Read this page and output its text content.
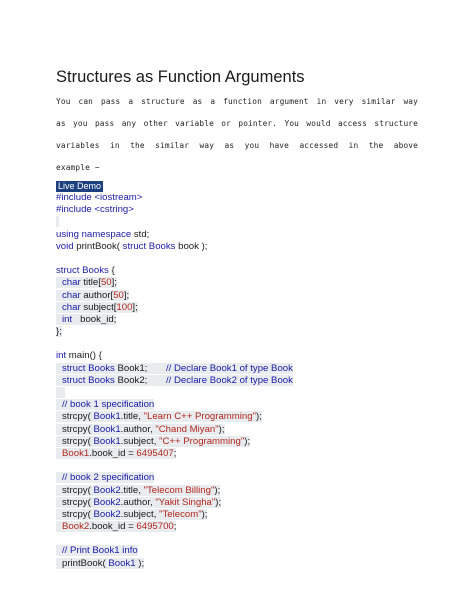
Structures as Function Arguments
You can pass a structure as a function argument in very similar way
as you pass any other variable or pointer. You would access structure
variables in the similar way as you have accessed in the above
example −
Live Demo
#include <iostream>
#include <cstring>

using namespace std;
void printBook( struct Books book );
struct Books {
char title[50];
char author[50];
char subject[100];
int   book_id;
};
int main() {
struct Books Book1;       // Declare Book1 of type Book
struct Books Book2;       // Declare Book2 of type Book

// book 1 specification
strcpy( Book1.title, "Learn C++ Programming");
strcpy( Book1.author, "Chand Miyan");
strcpy( Book1.subject, "C++ Programming");
Book1.book_id = 6495407;
// book 2 specification
strcpy( Book2.title, "Telecom Billing");
strcpy( Book2.author, "Yakit Singha");
strcpy( Book2.subject, "Telecom");
Book2.book_id = 6495700;
// Print Book1 info
printBook( Book1 );
